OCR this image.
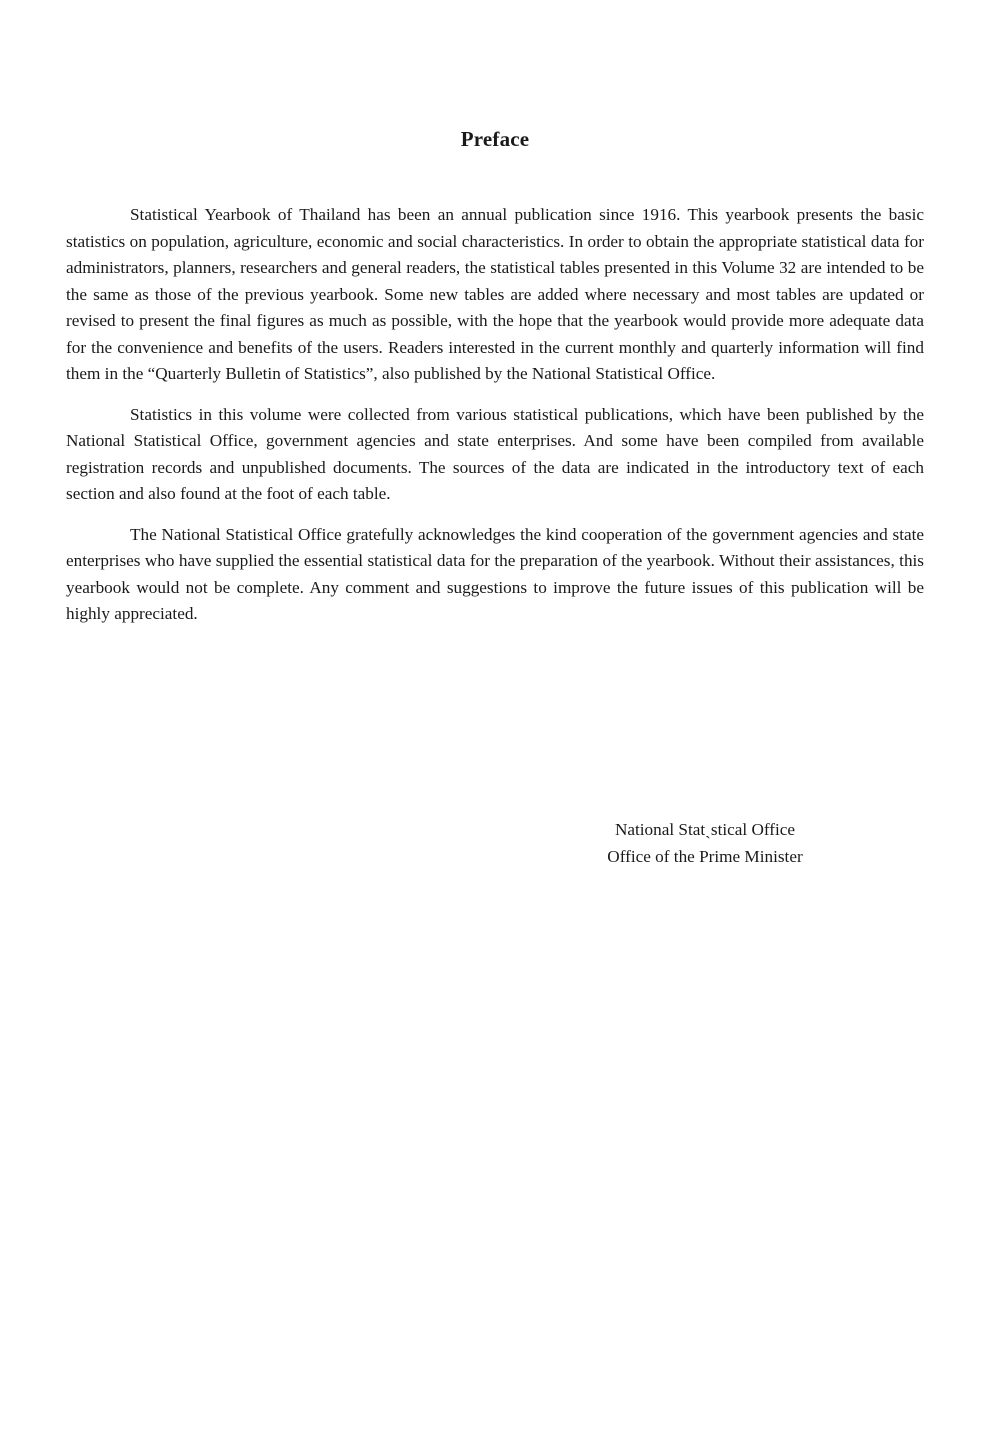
Preface

Statistical Yearbook of Thailand has been an annual publication since 1916. This yearbook presents the basic statistics on population, agriculture, economic and social characteristics. In order to obtain the appropriate statistical data for administrators, planners, researchers and general readers, the statistical tables presented in this Volume 32 are intended to be the same as those of the previous yearbook. Some new tables are added where necessary and most tables are updated or revised to present the final figures as much as possible, with the hope that the yearbook would provide more adequate data for the convenience and benefits of the users. Readers interested in the current monthly and quarterly information will find them in the “Quarterly Bulletin of Statistics”, also published by the National Statistical Office.

Statistics in this volume were collected from various statistical publications, which have been published by the National Statistical Office, government agencies and state enterprises. And some have been compiled from available registration records and unpublished documents. The sources of the data are indicated in the introductory text of each section and also found at the foot of each table.

The National Statistical Office gratefully acknowledges the kind cooperation of the government agencies and state enterprises who have supplied the essential statistical data for the preparation of the yearbook. Without their assistances, this yearbook would not be complete. Any comment and suggestions to improve the future issues of this publication will be highly appreciated.

National Statˎstical Office
Office of the Prime Minister
